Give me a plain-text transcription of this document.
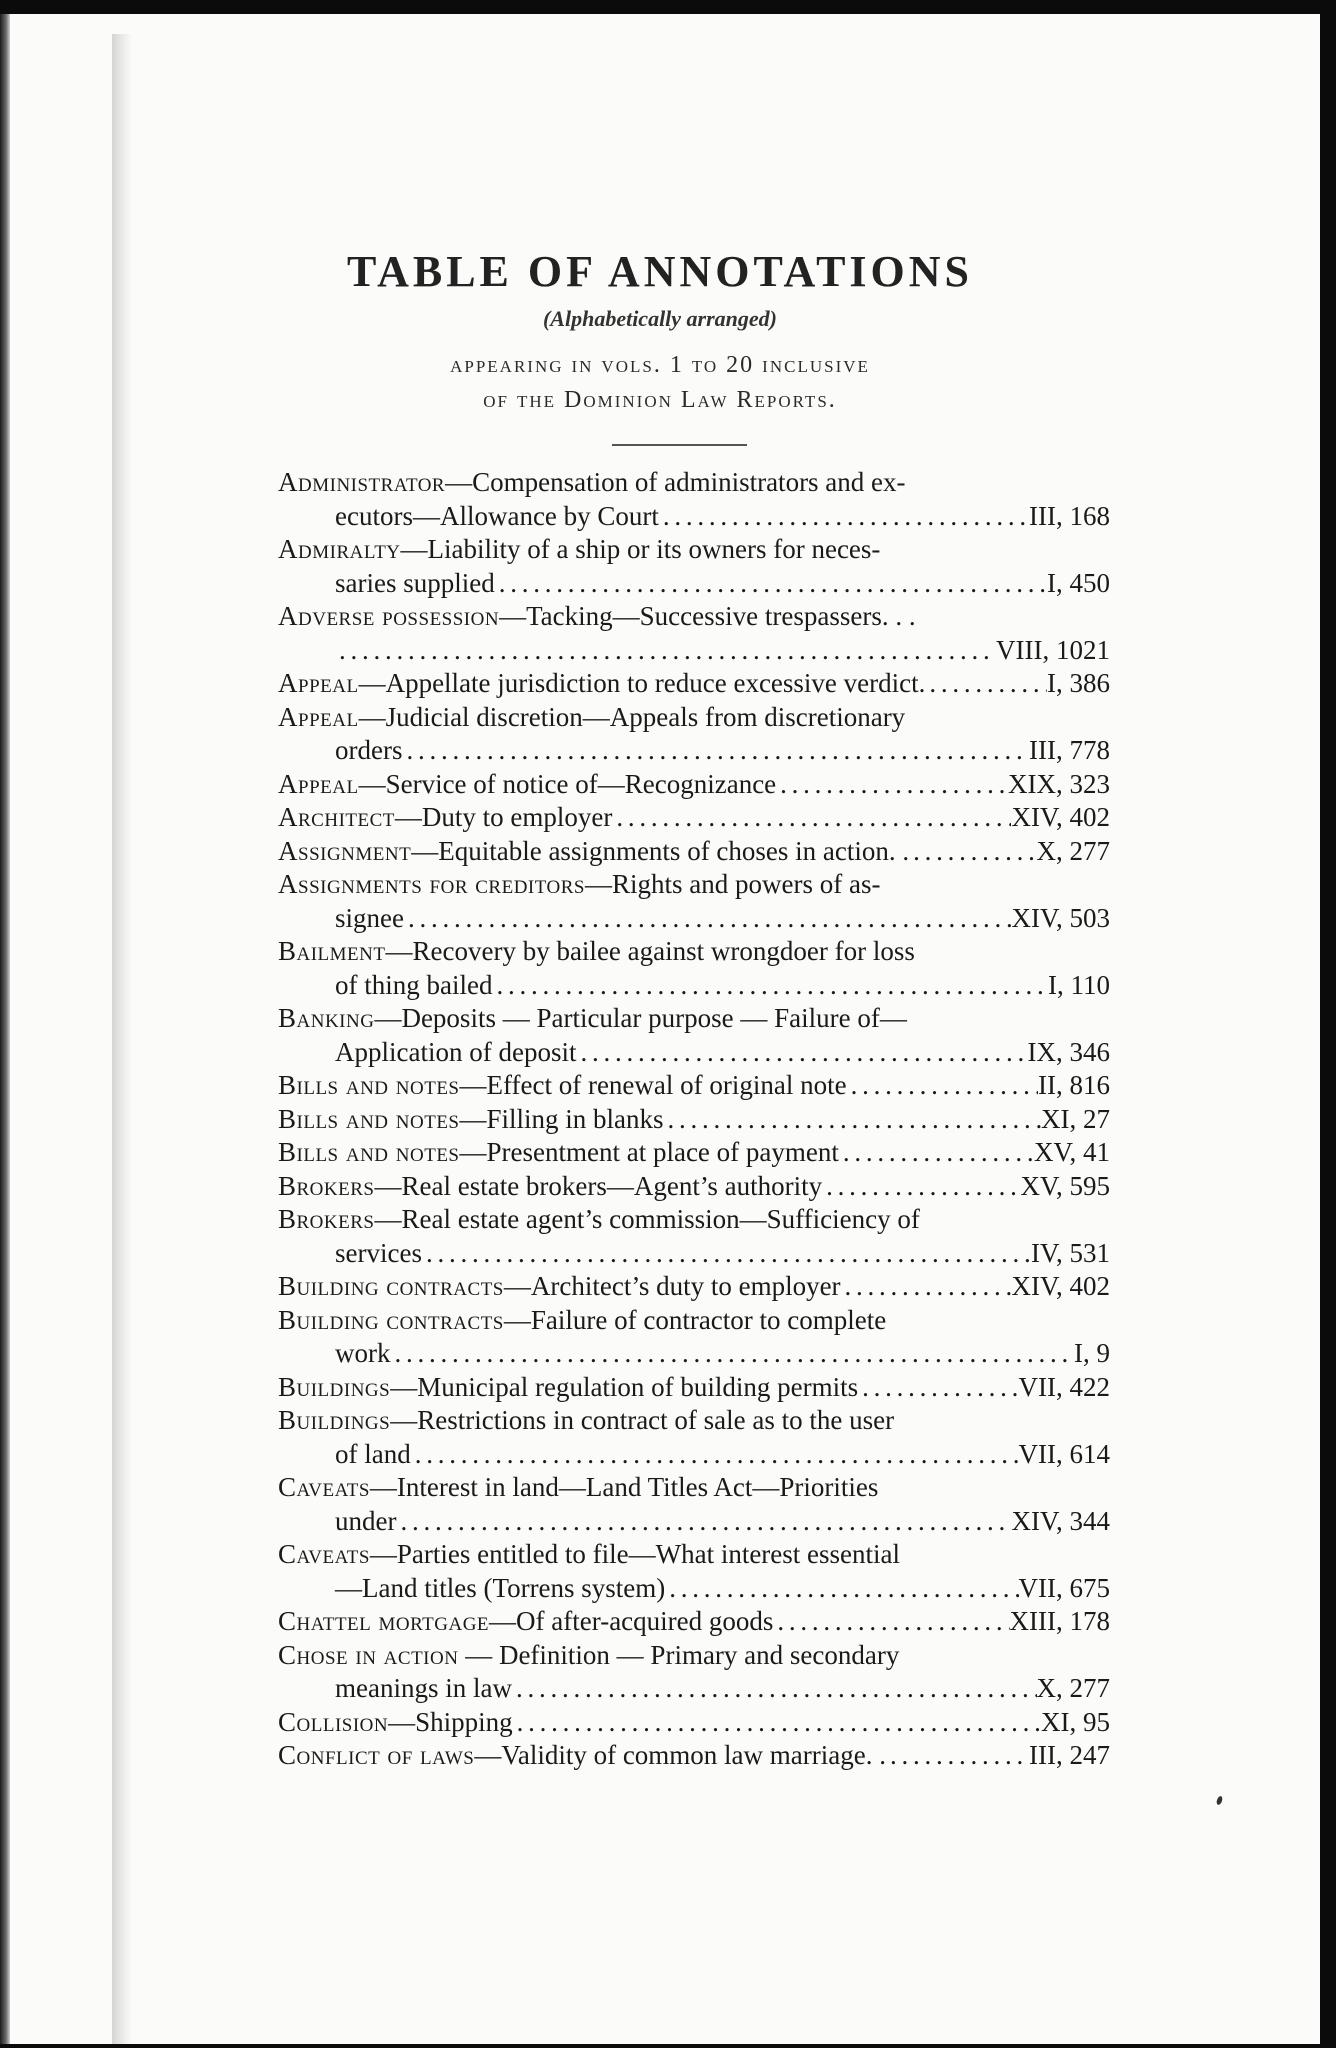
TABLE OF ANNOTATIONS
(Alphabetically arranged)
appearing in vols. 1 to 20 inclusive
of the Dominion Law Reports.
Administrator—Compensation of administrators and ex-
ecutors—Allowance by Court . . .	III, 168
Admiralty—Liability of a ship or its owners for neces-
saries supplied . . .	I, 450
Adverse possession—Tacking—Successive trespassers. . .
. . .
VIII, 1021
Appeal—Appellate jurisdiction to reduce excessive verdict. . . .	I, 386
Appeal—Judicial discretion—Appeals from discretionary
orders . . .	III, 778
Appeal—Service of notice of—Recognizance . . .	XIX, 323
Architect—Duty to employer . . .	XIV, 402
Assignment—Equitable assignments of choses in action. . . . .	X, 277
Assignments for creditors—Rights and powers of as-
signee . . .	XIV, 503
Bailment—Recovery by bailee against wrongdoer for loss
of thing bailed . . .	I, 110
Banking—Deposits — Particular purpose — Failure of—
Application of deposit . . .	IX, 346
Bills and notes—Effect of renewal of original note . . .	II, 816
Bills and notes—Filling in blanks . . .	XI, 27
Bills and notes—Presentment at place of payment . . .	XV, 41
Brokers—Real estate brokers—Agent’s authority . . .	XV, 595
Brokers—Real estate agent’s commission—Sufficiency of
services . . .	IV, 531
Building contracts—Architect’s duty to employer . . .	XIV, 402
Building contracts—Failure of contractor to complete
work . . .	I, 9
Buildings—Municipal regulation of building permits . . .	VII, 422
Buildings—Restrictions in contract of sale as to the user
of land . . .	VII, 614
Caveats—Interest in land—Land Titles Act—Priorities
under . . .	XIV, 344
Caveats—Parties entitled to file—What interest essential
—Land titles (Torrens system) . . .	VII, 675
Chattel mortgage—Of after-acquired goods . . .	XIII, 178
Chose in action — Definition — Primary and secondary
meanings in law . . .	X, 277
Collision—Shipping . . .	XI, 95
Conflict of laws—Validity of common law marriage. . . . .	III, 247
